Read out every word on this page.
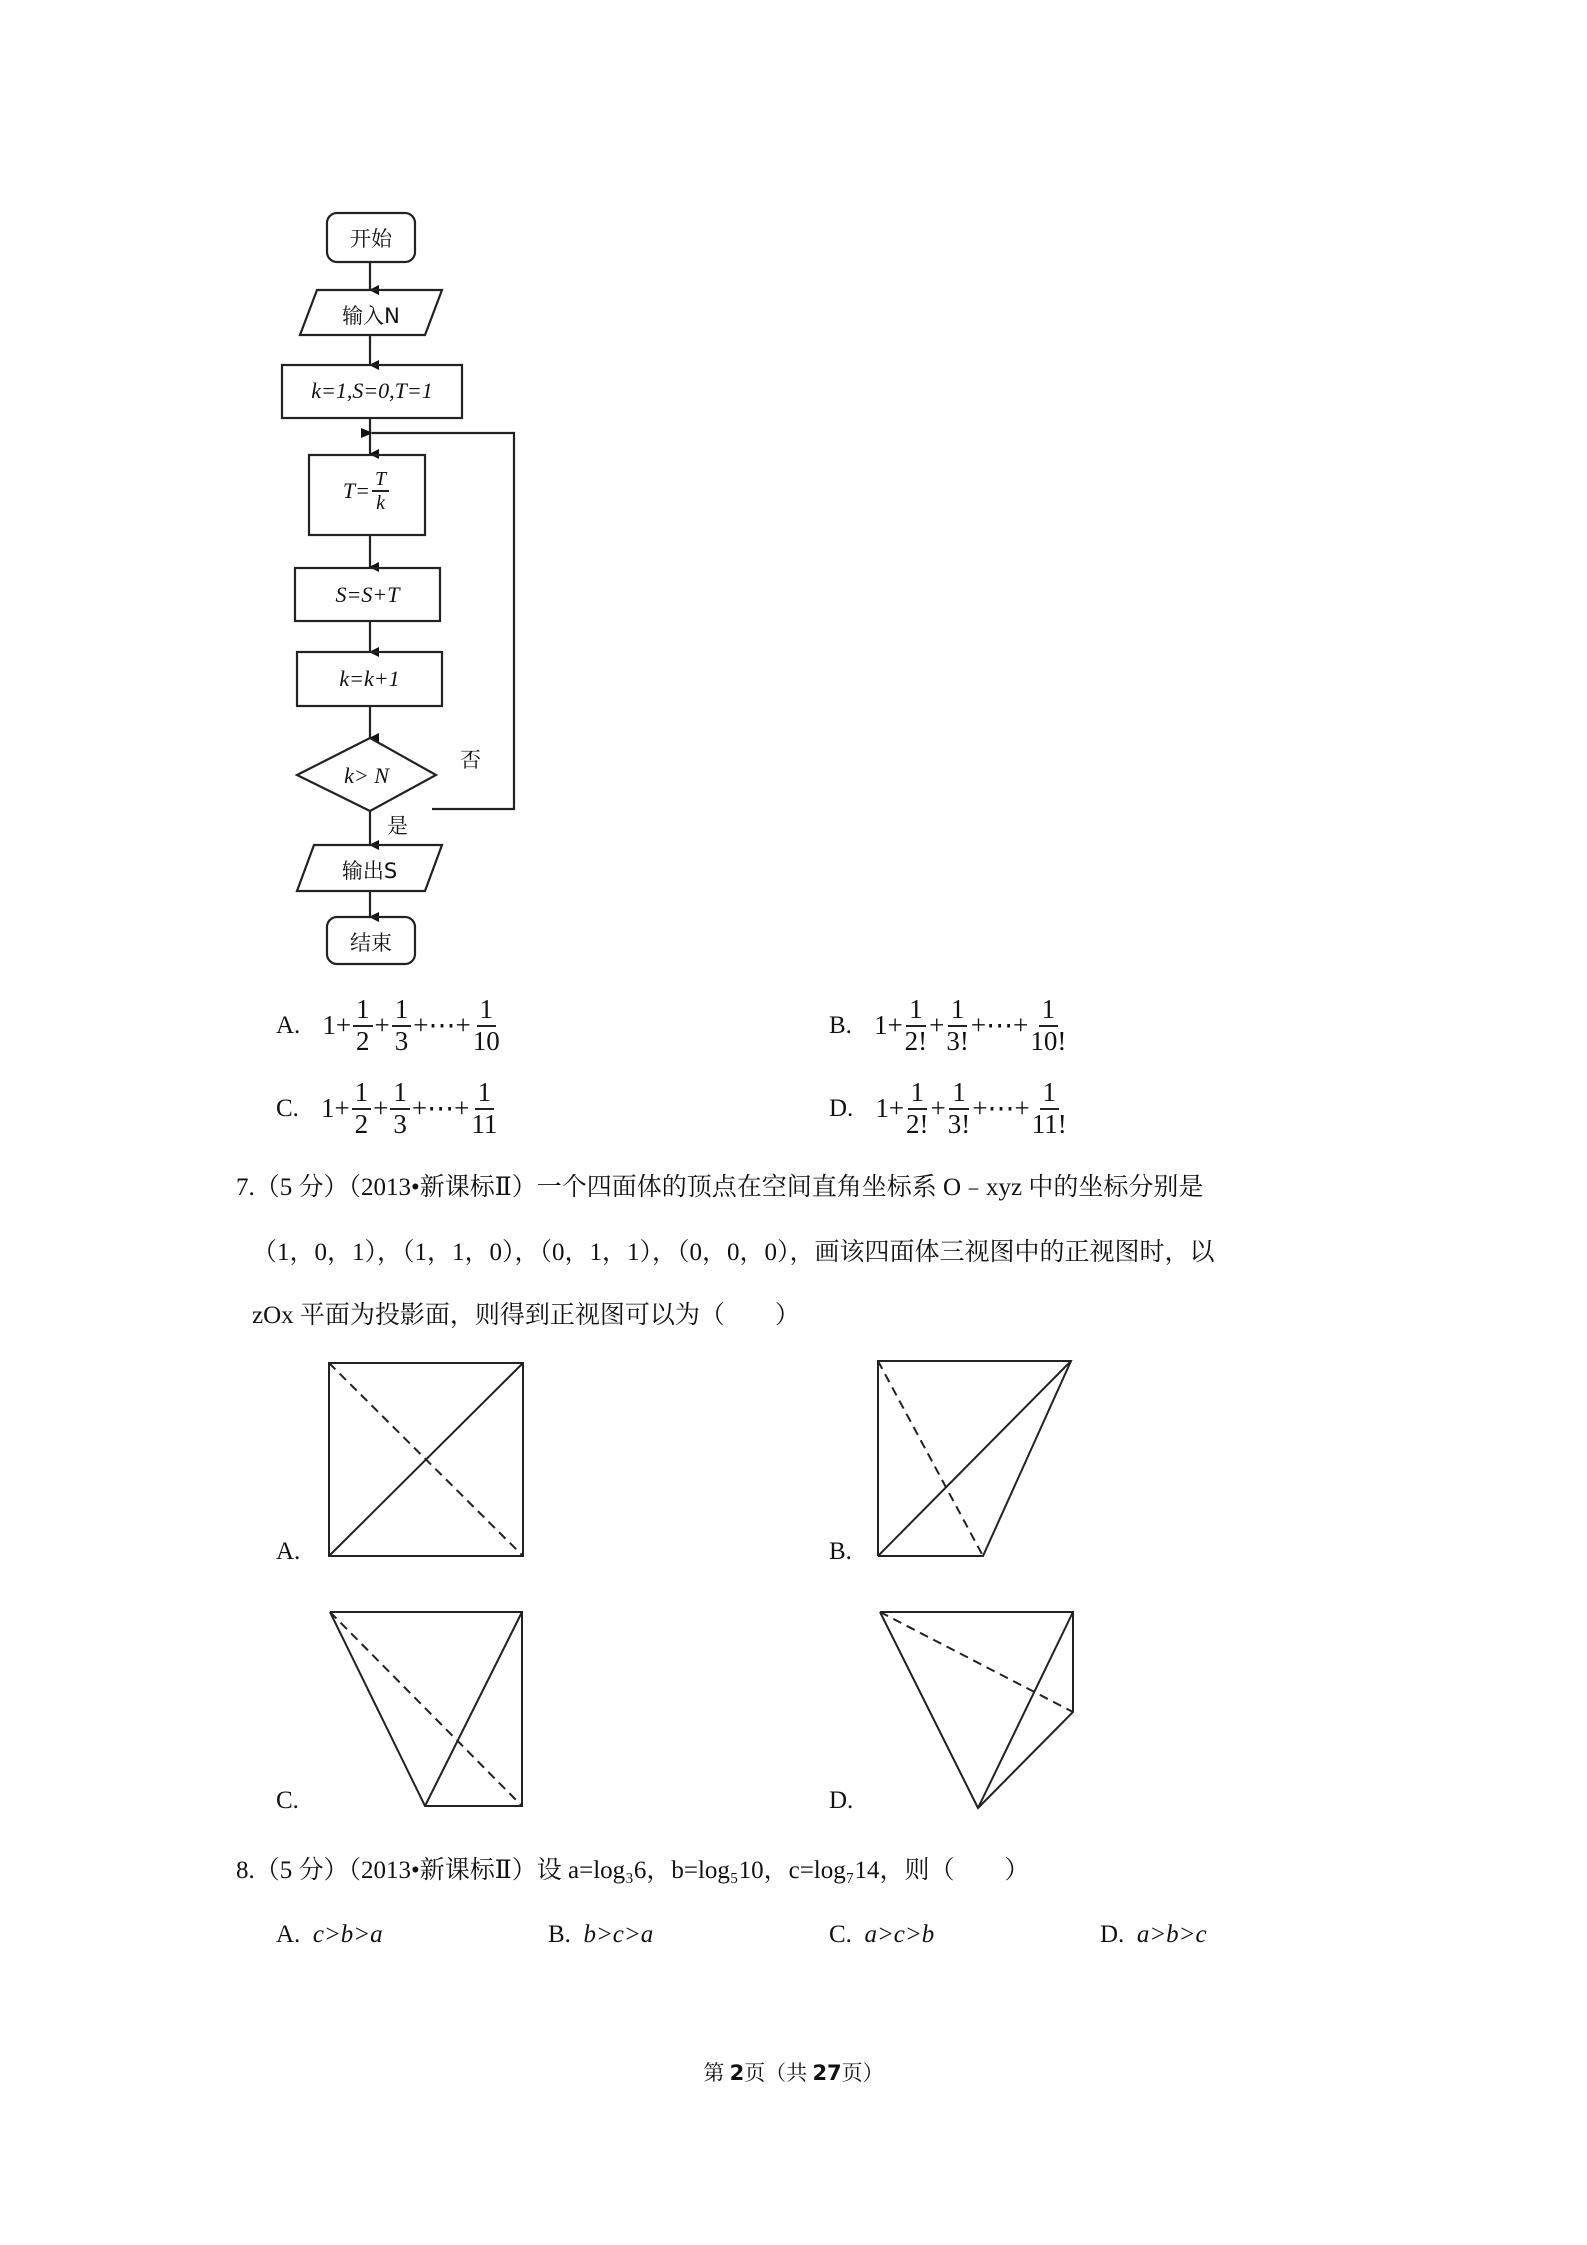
开始
输入N
k=1,S=0,T=1
$T= \frac{T}{k}$
S=S+T
k=k+1
k> N
否
是
输出S
结束
A. $1+ \frac{1}{2} + \frac{1}{3}$ +⋯+ $\frac{1}{10}$	B. $1+ \frac{1}{2!} + \frac{1}{3!}$ +⋯+ $\frac{1}{10!}$
C. $1+ \frac{1}{2} + \frac{1}{3}$ +⋯+ $\frac{1}{11}$	D. $1+ \frac{1}{2!} + \frac{1}{3!}$ +⋯+ $\frac{1}{11!}$
7.（5 分）（2013•新课标Ⅱ）一个四面体的顶点在空间直角坐标系 O﹣xyz 中的坐标分别是
（1，0，1），（1，1，0），（0，1，1），（0，0，0），画该四面体三视图中的正视图时，以
zOx 平面为投影面，则得到正视图可以为（　　）
A.	B.
C.	D.
8.（5 分）（2013•新课标Ⅱ）设 a=log₃6，b=log₅10，c=log₇14，则（　　）
A. c>b>a	B. b>c>a	C. a>c>b	D. a>b>c
第 2页（共 27页）
